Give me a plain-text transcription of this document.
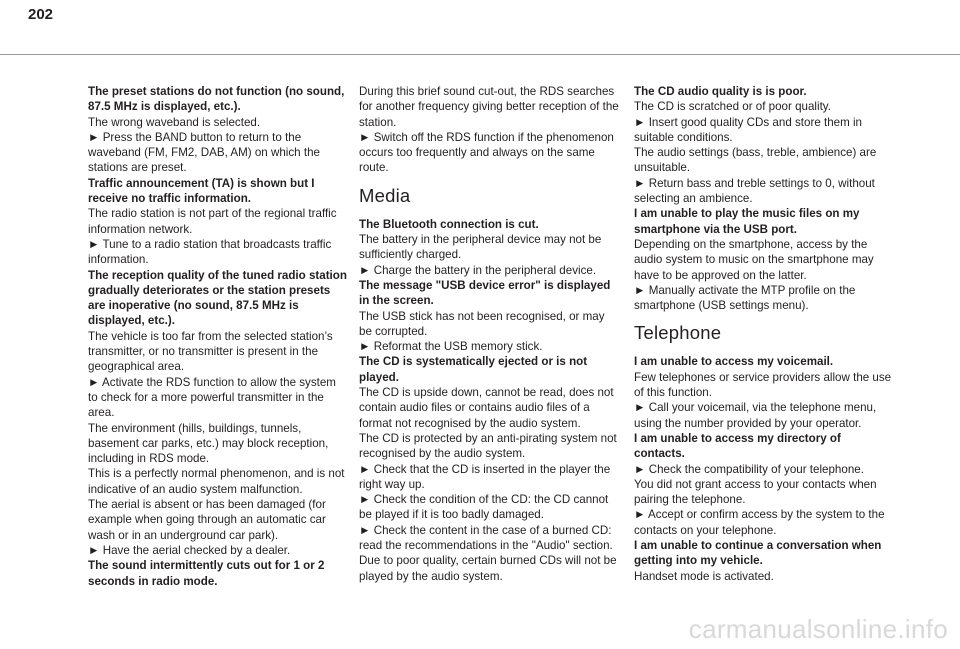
202

The preset stations do not function (no sound, 87.5 MHz is displayed, etc.).

The wrong waveband is selected.

► Press the BAND button to return to the waveband (FM, FM2, DAB, AM) on which the stations are preset.

Traffic announcement (TA) is shown but I receive no traffic information.

The radio station is not part of the regional traffic information network.

► Tune to a radio station that broadcasts traffic information.

The reception quality of the tuned radio station gradually deteriorates or the station presets are inoperative (no sound, 87.5 MHz is displayed, etc.).

The vehicle is too far from the selected station’s transmitter, or no transmitter is present in the geographical area.

► Activate the RDS function to allow the system to check for a more powerful transmitter in the area.

The environment (hills, buildings, tunnels, basement car parks, etc.) may block reception, including in RDS mode.

This is a perfectly normal phenomenon, and is not indicative of an audio system malfunction.

The aerial is absent or has been damaged (for example when going through an automatic car wash or in an underground car park).

► Have the aerial checked by a dealer.

The sound intermittently cuts out for 1 or 2 seconds in radio mode.

During this brief sound cut-out, the RDS searches for another frequency giving better reception of the station.

► Switch off the RDS function if the phenomenon occurs too frequently and always on the same route.

Media

The Bluetooth connection is cut.

The battery in the peripheral device may not be sufficiently charged.

► Charge the battery in the peripheral device.

The message "USB device error" is displayed in the screen.

The USB stick has not been recognised, or may be corrupted.

► Reformat the USB memory stick.

The CD is systematically ejected or is not played.

The CD is upside down, cannot be read, does not contain audio files or contains audio files of a format not recognised by the audio system.

The CD is protected by an anti-pirating system not recognised by the audio system.

► Check that the CD is inserted in the player the right way up.

► Check the condition of the CD: the CD cannot be played if it is too badly damaged.

► Check the content in the case of a burned CD: read the recommendations in the "Audio" section.

Due to poor quality, certain burned CDs will not be played by the audio system.

The CD audio quality is is poor.

The CD is scratched or of poor quality.

► Insert good quality CDs and store them in suitable conditions.

The audio settings (bass, treble, ambience) are unsuitable.

► Return bass and treble settings to 0, without selecting an ambience.

I am unable to play the music files on my smartphone via the USB port.

Depending on the smartphone, access by the audio system to music on the smartphone may have to be approved on the latter.

► Manually activate the MTP profile on the smartphone (USB settings menu).

Telephone

I am unable to access my voicemail.

Few telephones or service providers allow the use of this function.

► Call your voicemail, via the telephone menu, using the number provided by your operator.

I am unable to access my directory of contacts.

► Check the compatibility of your telephone.

You did not grant access to your contacts when pairing the telephone.

► Accept or confirm access by the system to the contacts on your telephone.

I am unable to continue a conversation when getting into my vehicle.

Handset mode is activated.

carmanualsonline.info
